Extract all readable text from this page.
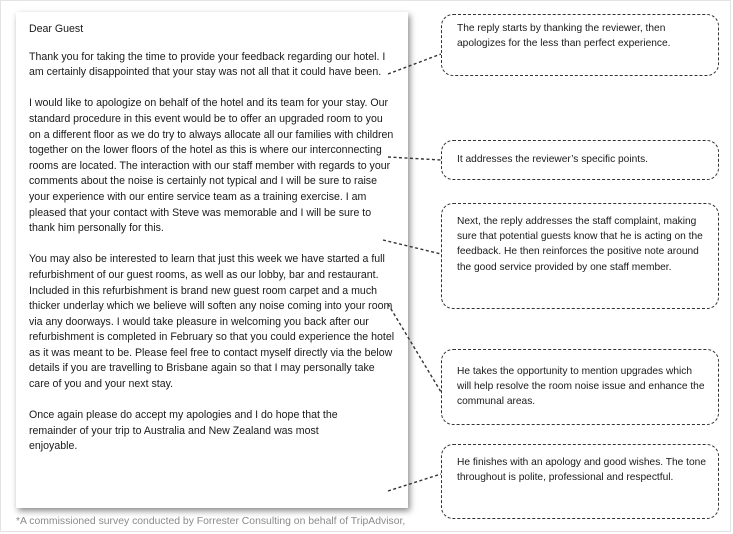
Dear Guest

Thank you for taking the time to provide your feedback regarding our hotel. I am certainly disappointed that your stay was not all that it could have been.

I would like to apologize on behalf of the hotel and its team for your stay. Our standard procedure in this event would be to offer an upgraded room to you on a different floor as we do try to always allocate all our families with children together on the lower floors of the hotel as this is where our interconnecting rooms are located. The interaction with our staff member with regards to your comments about the noise is certainly not typical and I will be sure to raise your experience with our entire service team as a training exercise. I am pleased that your contact with Steve was memorable and I will be sure to thank him personally for this.

You may also be interested to learn that just this week we have started a full refurbishment of our guest rooms, as well as our lobby, bar and restaurant. Included in this refurbishment is brand new guest room carpet and a much thicker underlay which we believe will soften any noise coming into your room via any doorways. I would take pleasure in welcoming you back after our refurbishment is completed in February so that you could experience the hotel as it was meant to be. Please feel free to contact myself directly via the below details if you are travelling to Brisbane again so that I may personally take care of you and your next stay.

Once again please do accept my apologies and I do hope that the remainder of your trip to Australia and New Zealand was most enjoyable.

The reply starts by thanking the reviewer, then apologizes for the less than perfect experience.
It addresses the reviewer’s specific points.
Next, the reply addresses the staff complaint, making sure that potential guests know that he is acting on the feedback. He then reinforces the positive note around the good service provided by one staff member.
He takes the opportunity to mention upgrades which will help resolve the room noise issue and enhance the communal areas.
He finishes with an apology and good wishes. The tone throughout is polite, professional and respectful.
*A commissioned survey conducted by Forrester Consulting on behalf of TripAdvisor,
